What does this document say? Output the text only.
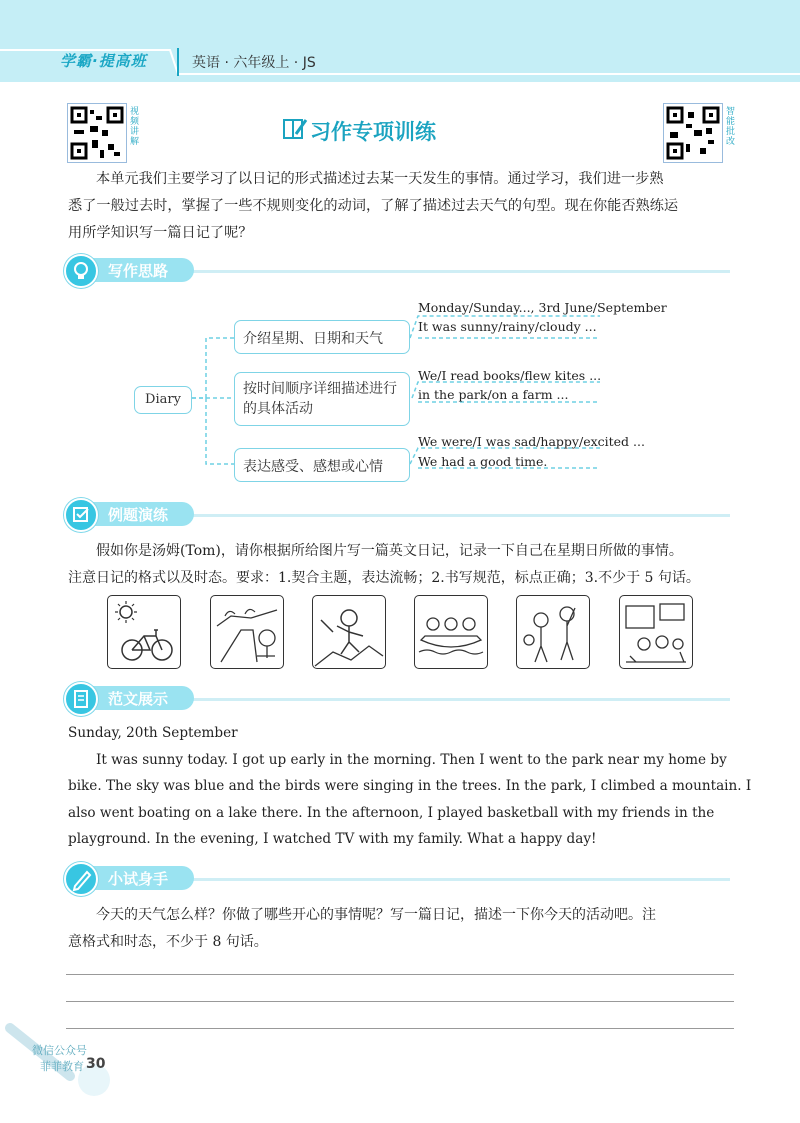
学霸·提高班	英语 · 六年级上 · JS
视频讲解	智能批改
习作专项训练
本单元我们主要学习了以日记的形式描述过去某一天发生的事情。通过学习，我们进一步熟
悉了一般过去时，掌握了一些不规则变化的动词，了解了描述过去天气的句型。现在你能否熟练运
用所学知识写一篇日记了呢？
写作思路
Diary
介绍星期、日期和天气
按时间顺序详细描述进行的具体活动
表达感受、感想或心情
Monday/Sunday..., 3rd June/September
It was sunny/rainy/cloudy ...
We/I read books/flew kites ...
in the park/on a farm ...
We were/I was sad/happy/excited ...
We had a good time.
例题演练
假如你是汤姆(Tom)，请你根据所给图片写一篇英文日记，记录一下自己在星期日所做的事情。
注意日记的格式以及时态。要求：1.契合主题，表达流畅；2.书写规范，标点正确；3.不少于 5 句话。
范文展示
Sunday, 20th September
It was sunny today. I got up early in the morning. Then I went to the park near my home by
bike. The sky was blue and the birds were singing in the trees. In the park, I climbed a mountain. I
also went boating on a lake there. In the afternoon, I played basketball with my friends in the
playground. In the evening, I watched TV with my family. What a happy day!
小试身手
今天的天气怎么样？你做了哪些开心的事情呢？写一篇日记，描述一下你今天的活动吧。注
意格式和时态，不少于 8 句话。
微信公众号
菲菲教育 30
